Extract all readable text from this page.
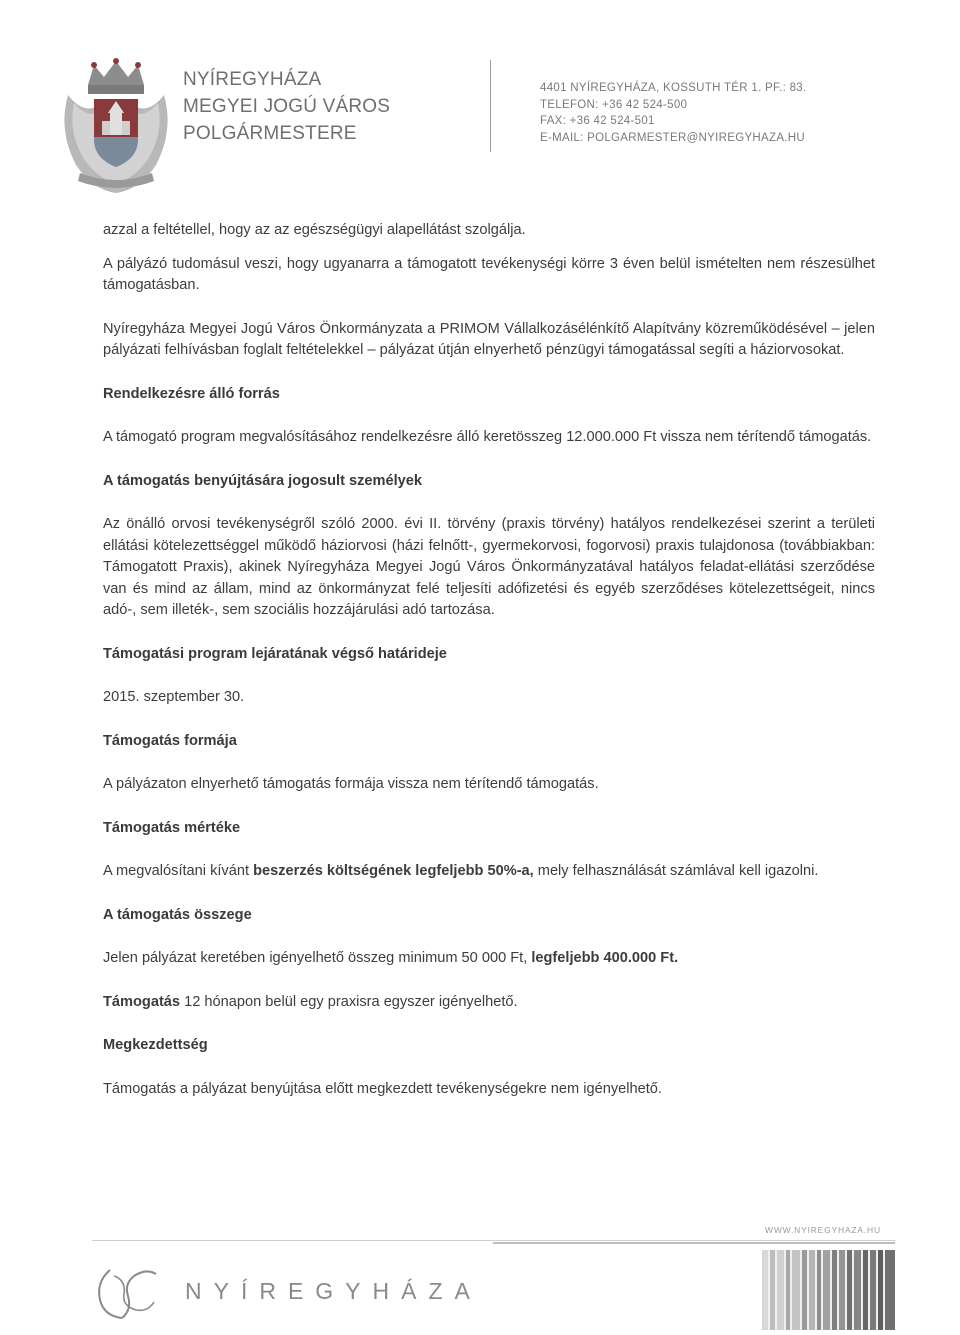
NYÍREGYHÁZA
MEGYEI JOGÚ VÁROS
POLGÁRMESTERE
4401 NYÍREGYHÁZA, KOSSUTH TÉR 1. PF.: 83.
TELEFON: +36 42 524-500
FAX: +36 42 524-501
E-MAIL: POLGARMESTER@NYIREGYHAZA.HU

azzal a feltétellel, hogy az az egészségügyi alapellátást szolgálja.

A pályázó tudomásul veszi, hogy ugyanarra a támogatott tevékenységi körre 3 éven belül ismételten nem részesülhet támogatásban.

Nyíregyháza Megyei Jogú Város Önkormányzata a PRIMOM Vállalkozásélénkítő Alapítvány közreműködésével – jelen pályázati felhívásban foglalt feltételekkel – pályázat útján elnyerhető pénzügyi támogatással segíti a háziorvosokat.

Rendelkezésre álló forrás

A támogató program megvalósításához rendelkezésre álló keretösszeg 12.000.000 Ft vissza nem térítendő támogatás.

A támogatás benyújtására jogosult személyek

Az önálló orvosi tevékenységről szóló 2000. évi II. törvény (praxis törvény) hatályos rendelkezései szerint a területi ellátási kötelezettséggel működő háziorvosi (házi felnőtt-, gyermekorvosi, fogorvosi) praxis tulajdonosa (továbbiakban: Támogatott Praxis), akinek Nyíregyháza Megyei Jogú Város Önkormányzatával hatályos feladat-ellátási szerződése van és mind az állam, mind az önkormányzat felé teljesíti adófizetési és egyéb szerződéses kötelezettségeit, nincs adó-, sem illeték-, sem szociális hozzájárulási adó tartozása.

Támogatási program lejáratának végső határideje

2015. szeptember 30.

Támogatás formája

A pályázaton elnyerhető támogatás formája vissza nem térítendő támogatás.

Támogatás mértéke

A megvalósítani kívánt beszerzés költségének legfeljebb 50%-a, mely felhasználását számlával kell igazolni.

A támogatás összege

Jelen pályázat keretében igényelhető összeg minimum 50 000 Ft, legfeljebb 400.000 Ft.

Támogatás 12 hónapon belül egy praxisra egyszer igényelhető.

Megkezdettség

Támogatás a pályázat benyújtása előtt megkezdett tevékenységekre nem igényelhető.

WWW.NYIREGYHAZA.HU
NYÍREGYHÁZA
